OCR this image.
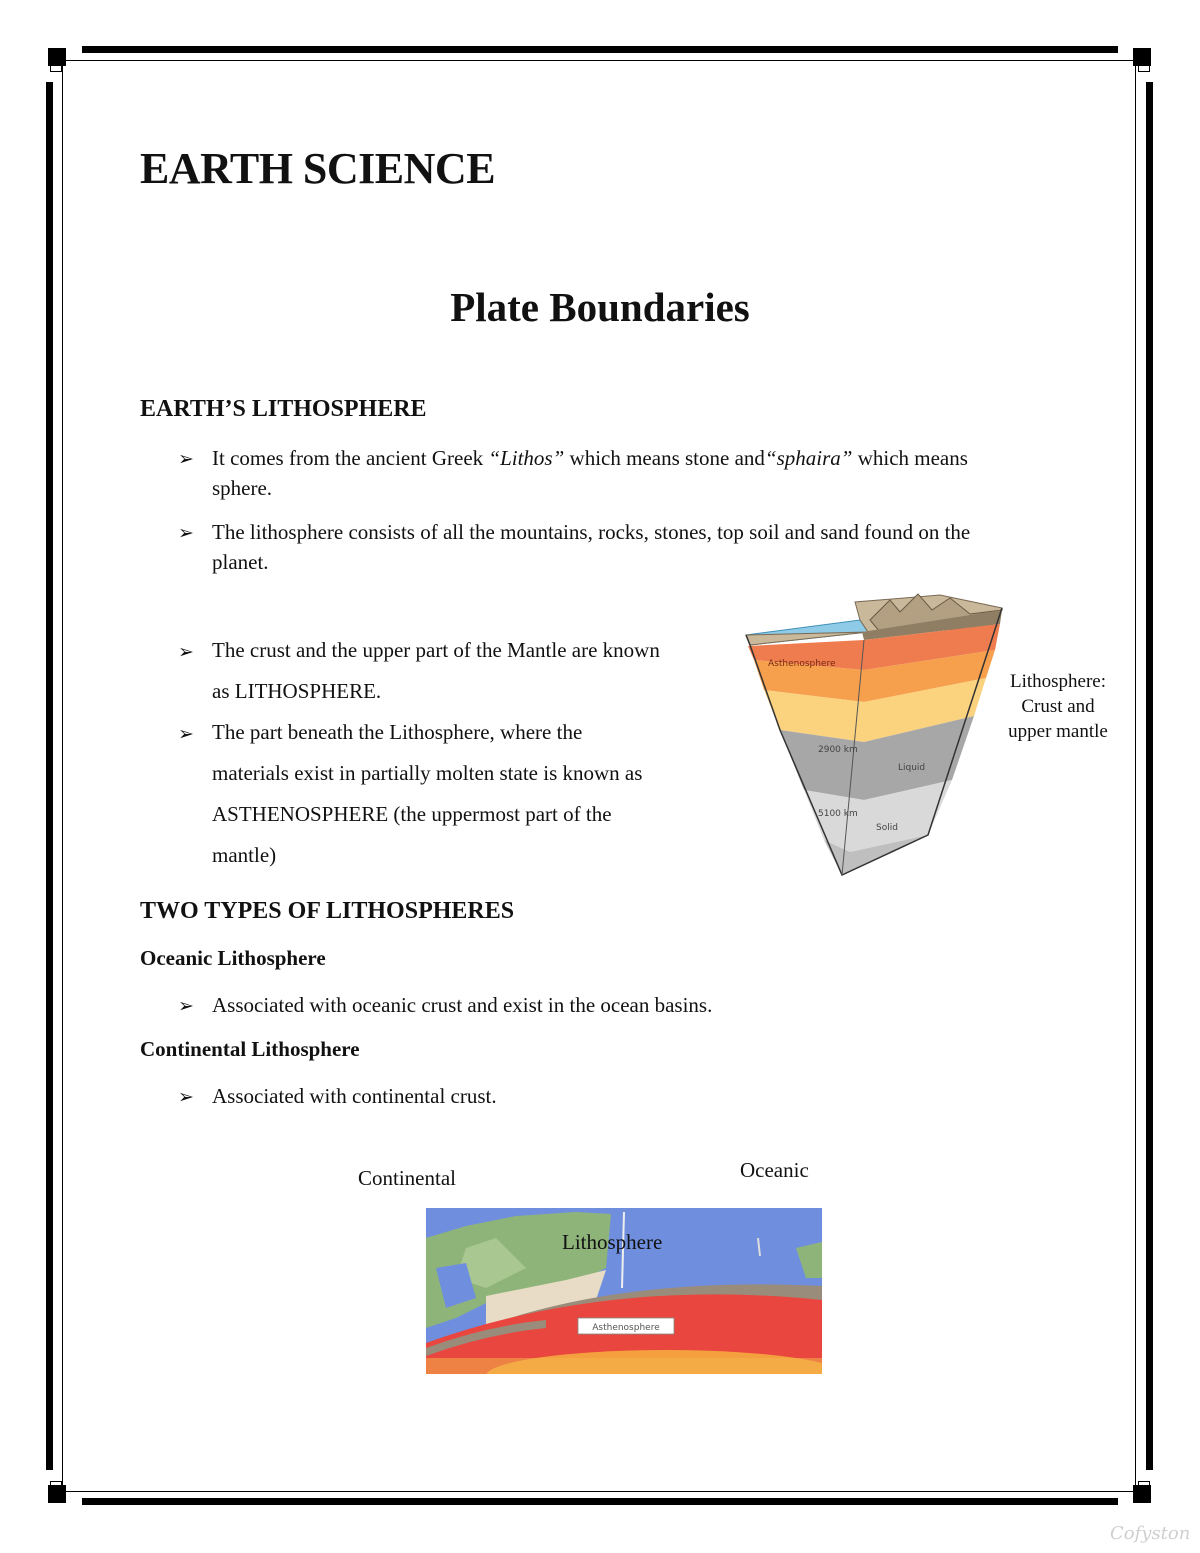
EARTH SCIENCE
Plate Boundaries
EARTH’S LITHOSPHERE
➢ It comes from the ancient Greek “Lithos” which means stone and“sphaira” which means
sphere.
➢ The lithosphere consists of all the mountains, rocks, stones, top soil and sand found on the
planet.
➢ The crust and the upper part of the Mantle are known
as LITHOSPHERE.
➢ The part beneath the Lithosphere, where the
materials exist in partially molten state is known as
ASTHENOSPHERE (the uppermost part of the
mantle)
Asthenosphere
2900 km
Liquid
5100 km
Solid
Lithosphere:
Crust and
upper mantle
TWO TYPES OF LITHOSPHERES
Oceanic Lithosphere
➢ Associated with oceanic crust and exist in the ocean basins.
Continental Lithosphere
➢ Associated with continental crust.
Continental	Oceanic
Asthenosphere
Lithosphere
Cofyston
